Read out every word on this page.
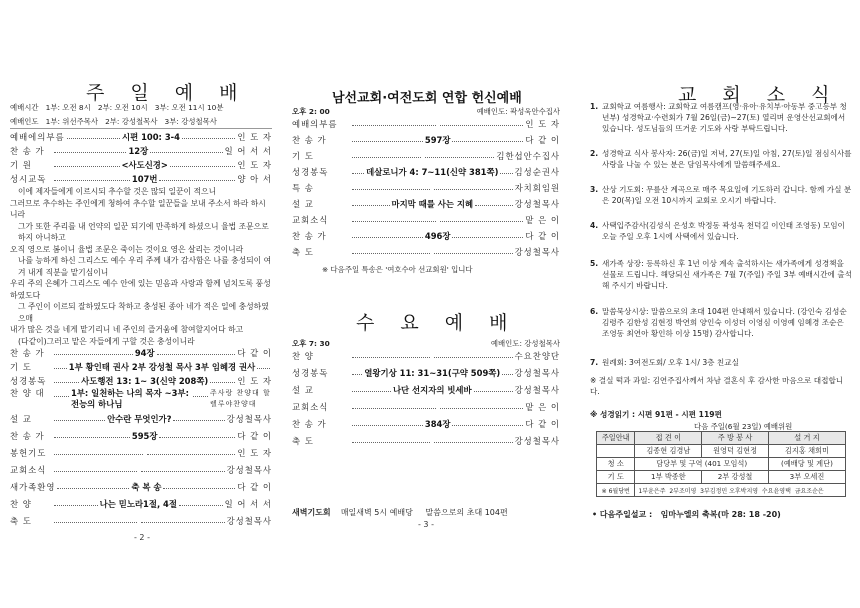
주 일 예 배
예배시간 1부: 오전 8시 2부: 오전 10시 3부: 오전 11시 10분
예배인도 1부: 위선주목사 2부: 강성철목사 3부: 강성철목사
예배에의부름	시편 100: 3-4	인 도 자
찬 송 가	12장	일 어 서 서
기 원	<사도신경>	인 도 자
성시교독	107번	양 아 서
이에 제자들에게 이르시되 추수할 것은 많되 일꾼이 적으니
그러므로 추수하는 주인에게 청하여 추수할 일꾼들을 보내 주소서 하라 하시니라
그가 또한 주리를 내 언약의 일꾼 되기에 만족하게 하셨으니 율법 조문으로 하지 아니하고
오직 영으로 봄이니 율법 조문은 죽이는 것이요 영은 살리는 것이니라
나를 능하게 하신 그리스도 예수 우리 주께 내가 감사함은 나를 충성되이 여겨 내게 직분을 맡기심이니
우리 주의 은혜가 그리스도 예수 안에 있는 믿음과 사랑과 함께 넘치도록 풍성하였도다
그 주인이 이르되 잘하였도다 착하고 충성된 종아 네가 적은 일에 충성하였으매
내가 많은 것을 네게 맡기리니 네 주인의 즐거움에 참여할지어다 하고
(다같이)그러고 맡은 자들에게 구할 것은 충성이니라
찬 송 가	94장	다 같 이
기 도	1부 황인태 권사 2부 강성철 목사 3부 임혜경 권사
성경봉독	사도행전 13: 1~ 3(신약 208쪽)	인 도 자
찬 양 대	1부: 일천하는 나의 목자 ~3부: 전능의 하나님
주사랑 찬양대 할렐루야찬양대
설 교	안수란 무엇인가?	강성철목사
찬 송 가	595장	다 같 이
봉헌기도	인 도 자
교회소식	강성철목사
새가족환영	축 복 송	다 같 이
찬 양	나는 믿노라1절, 4절	일 어 서 서
축 도	강성철목사
- 2 -
남선교회·여전도회 연합 헌신예배
오후 2: 00	예배인도: 곽성욱안수집사
예배의부름	인 도 자
찬 송 가	597장	다 같 이
기 도	김한섭안수집사
성경봉독	데살로니가 4: 7~11(신약 381쪽) 김성순권사
특 송	자치회임원
설 교	마지막 때를 사는 지혜	강성철목사
교회소식	맡 은 이
찬 송 가	496장	다 같 이
축 도	강성철목사
※ 다음주일 특송은 '여호수아 선교회원' 입니다
수 요 예 배
오후 7: 30	예배인도: 강성철목사
찬 양	수요찬양단
성경봉독	열왕기상 11: 31~31(구약 509쪽) 강성철목사
설 교	나단 선지자의 빗세바	강성철목사
교회소식	맡 은 이
찬 송 가	384장	다 같 이
축 도	강성철목사
새벽기도회 매일새벽 5시 예배당 말씀으로의 초대 104편
- 3 -
교 회 소 식
1. 교회학교 여름행사: 교회학교 여름캠프(영·유아·유치부·아동부 중고등부 청년부) 성경학교·수련회가 7월 26일(금)~27(토) 열리며 운영산선교회에서 있습니다. 성도님들의 뜨거운 기도와 사랑 부탁드립니다.
2. 성경학교 식사 봉사자: 26(금)일 저녁, 27(토)일 아침, 27(토)일 점심식사를 사랑을 나눌 수 있는 분은 담임목사에게 말씀해주세요.
3. 산상 기도회: 무릎산 계곡으로 매주 목요일에 기도하러 갑니다. 함께 가실 분은 20(목)일 오전 10시까지 교회로 오시기 바랍니다.
4. 사택입주감사(김성식 은성호 박정동 곽성욱 천덕길 이인태 조영동) 모임이 오늘 주일 오후 1시에 사택에서 있습니다.
5. 새가족 상장: 등록하신 후 1년 이상 계속 출석하시는 새가족에게 성경책을 선물로 드립니다. 해당되신 새가족은 7월 7(주일) 주일 3부 예배시간에 출석해 주시기 바랍니다.
6. 말씀묵상시상: 말씀으로의 초대 104편 안내해서 있습니다. (강인숙 김성순 김령주 김한성 김현정 박연희 양인숙 이성더 이영심 이영예 임혜경 조순은 조영동 최연아 황인하 이상 15명) 감사합니다.
7. 원례회: 3여전도회/ 오후 1시/ 3층 친교실
※ 결실 떡과 과일: 김연주집사께서 차남 결혼식 후 감사한 마음으로 대접합니다.
※ 성경읽기 : 시편 91편 - 시편 119편
다음 주일(6월 23일) 예배위원
주일안내	접 견 이	주 방 봉 사	설 거 지
	김종현 김경남	원영덕 김현정	김지홍 채희미
청 소	담당부 및 구역 (401 모임석)		(예배당 및 계단)
기 도	1부 박종한	2부 강성철	3부 오세진
※ 6월당번	1부윤은주 2부조미영 3부김정민 오후박지영 수요윤영택 금요조순은		
• 다음주일설교 : 임마누엘의 축복(마 28: 18 -20)
